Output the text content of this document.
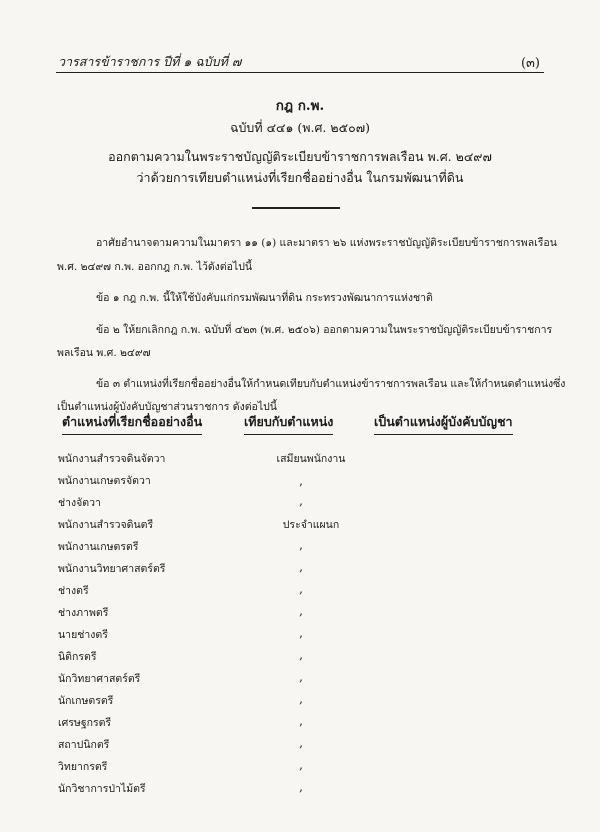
วารสารข้าราชการ ปีที่ ๑ ฉบับที่ ๗	(๓)
กฎ ก.พ.
ฉบับที่ ๔๔๑ (พ.ศ. ๒๕๐๗)
ออกตามความในพระราชบัญญัติระเบียบข้าราชการพลเรือน พ.ศ. ๒๔๙๗
ว่าด้วยการเทียบตำแหน่งที่เรียกชื่ออย่างอื่น ในกรมพัฒนาที่ดิน
อาศัยอำนาจตามความในมาตรา ๑๑ (๑) และมาตรา ๒๖ แห่งพระราชบัญญัติระเบียบข้าราชการพลเรือน
พ.ศ. ๒๔๙๗ ก.พ. ออกกฎ ก.พ. ไว้ดังต่อไปนี้
ข้อ ๑ กฎ ก.พ. นี้ให้ใช้บังคับแก่กรมพัฒนาที่ดิน กระทรวงพัฒนาการแห่งชาติ
ข้อ ๒ ให้ยกเลิกกฎ ก.พ. ฉบับที่ ๔๒๓ (พ.ศ. ๒๕๐๖) ออกตามความในพระราชบัญญัติระเบียบข้าราชการ
พลเรือน พ.ศ. ๒๔๙๗
ข้อ ๓ ตำแหน่งที่เรียกชื่ออย่างอื่นให้กำหนดเทียบกับตำแหน่งข้าราชการพลเรือน และให้กำหนดตำแหน่งซึ่ง
เป็นตำแหน่งผู้บังคับบัญชาส่วนราชการ ดังต่อไปนี้
ตำแหน่งที่เรียกชื่ออย่างอื่น	เทียบกับตำแหน่ง	เป็นตำแหน่งผู้บังคับบัญชา
พนักงานสำรวจดินจัตวา	เสมียนพนักงาน
พนักงานเกษตรจัตวา	,
ช่างจัตวา	,
พนักงานสำรวจดินตรี	ประจำแผนก
พนักงานเกษตรตรี	,
พนักงานวิทยาศาสตร์ตรี	,
ช่างตรี	,
ช่างภาพตรี	,
นายช่างตรี	,
นิติกรตรี	,
นักวิทยาศาสตร์ตรี	,
นักเกษตรตรี	,
เศรษฐกรตรี	,
สถาปนิกตรี	,
วิทยากรตรี	,
นักวิชาการป่าไม้ตรี	,
